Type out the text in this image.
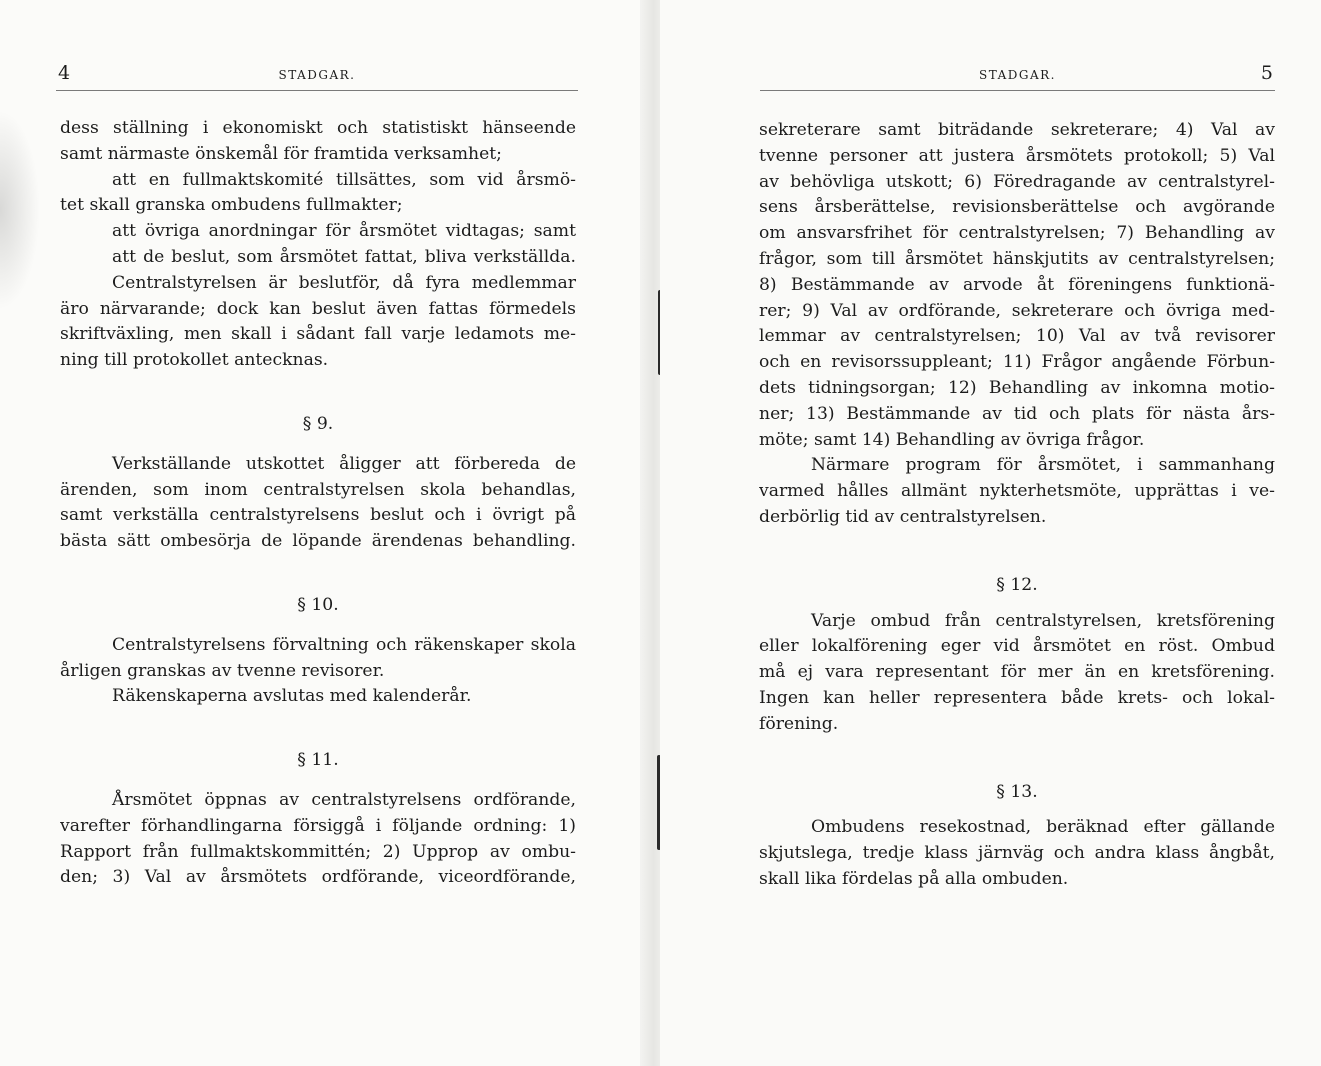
4	STADGAR.
dess ställning i ekonomiskt och statistiskt hänseende
samt närmaste önskemål för framtida verksamhet;
att en fullmaktskomité tillsättes, som vid årsmö-
tet skall granska ombudens fullmakter;
att övriga anordningar för årsmötet vidtagas; samt
att de beslut, som årsmötet fattat, bliva verkställda.
Centralstyrelsen är beslutför, då fyra medlemmar
äro närvarande; dock kan beslut även fattas förmedels
skriftväxling, men skall i sådant fall varje ledamots me-
ning till protokollet antecknas.
§ 9.
Verkställande utskottet åligger att förbereda de
ärenden, som inom centralstyrelsen skola behandlas,
samt verkställa centralstyrelsens beslut och i övrigt på
bästa sätt ombesörja de löpande ärendenas behandling.
§ 10.
Centralstyrelsens förvaltning och räkenskaper skola
årligen granskas av tvenne revisorer.
Räkenskaperna avslutas med kalenderår.
§ 11.
Årsmötet öppnas av centralstyrelsens ordförande,
varefter förhandlingarna försiggå i följande ordning: 1)
Rapport från fullmaktskommittén; 2) Upprop av ombu-
den; 3) Val av årsmötets ordförande, viceordförande,
5
STADGAR.
sekreterare samt biträdande sekreterare; 4) Val av
tvenne personer att justera årsmötets protokoll; 5) Val
av behövliga utskott; 6) Föredragande av centralstyrel-
sens årsberättelse, revisionsberättelse och avgörande
om ansvarsfrihet för centralstyrelsen; 7) Behandling av
frågor, som till årsmötet hänskjutits av centralstyrelsen;
8) Bestämmande av arvode åt föreningens funktionä-
rer; 9) Val av ordförande, sekreterare och övriga med-
lemmar av centralstyrelsen; 10) Val av två revisorer
och en revisorssuppleant; 11) Frågor angående Förbun-
dets tidningsorgan; 12) Behandling av inkomna motio-
ner; 13) Bestämmande av tid och plats för nästa års-
möte; samt 14) Behandling av övriga frågor.
Närmare program för årsmötet, i sammanhang
varmed hålles allmänt nykterhetsmöte, upprättas i ve-
derbörlig tid av centralstyrelsen.
§ 12.
Varje ombud från centralstyrelsen, kretsförening
eller lokalförening eger vid årsmötet en röst. Ombud
må ej vara representant för mer än en kretsförening.
Ingen kan heller representera både krets- och lokal-
förening.
§ 13.
Ombudens resekostnad, beräknad efter gällande
skjutslega, tredje klass järnväg och andra klass ångbåt,
skall lika fördelas på alla ombuden.
